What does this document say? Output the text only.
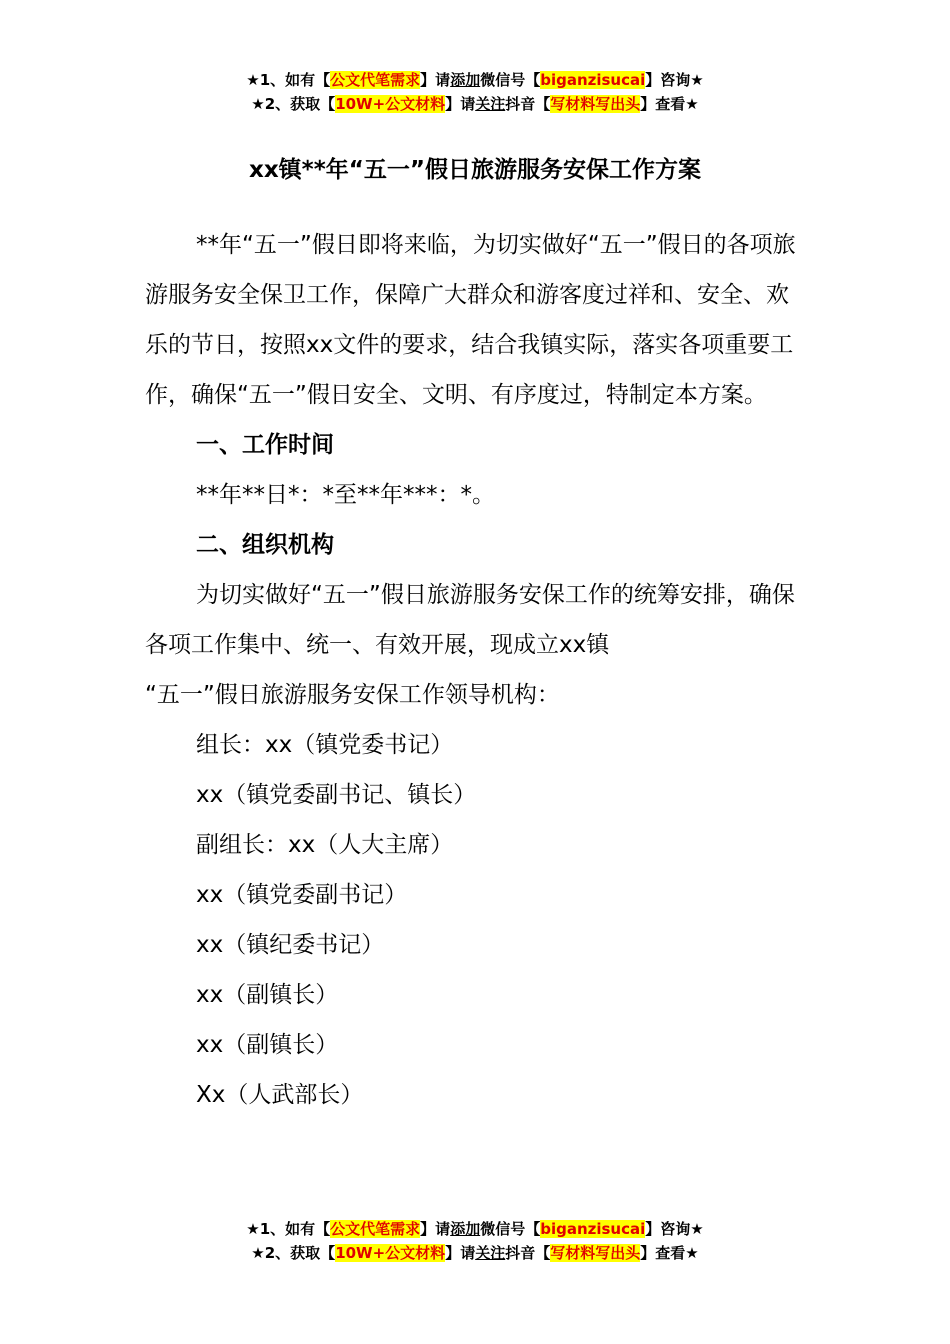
★1、如有【公文代笔需求】请添加微信号【biganzisucai】咨询★
★2、获取【10W+公文材料】请关注抖音【写材料写出头】查看★
xx镇**年“五一”假日旅游服务安保工作方案

**年“五一”假日即将来临，为切实做好“五一”假日的各项旅游服务安全保卫工作，保障广大群众和游客度过祥和、安全、欢乐的节日，按照xx文件的要求，结合我镇实际，落实各项重要工作，确保“五一”假日安全、文明、有序度过，特制定本方案。

一、工作时间

**年**日*：*至**年***：*。

二、组织机构

为切实做好“五一”假日旅游服务安保工作的统筹安排，确保各项工作集中、统一、有效开展，现成立xx镇

“五一”假日旅游服务安保工作领导机构：

组长：xx（镇党委书记）

xx（镇党委副书记、镇长）

副组长：xx（人大主席）

xx（镇党委副书记）

xx（镇纪委书记）

xx（副镇长）

xx（副镇长）

Xx（人武部长）

★1、如有【公文代笔需求】请添加微信号【biganzisucai】咨询★
★2、获取【10W+公文材料】请关注抖音【写材料写出头】查看★
